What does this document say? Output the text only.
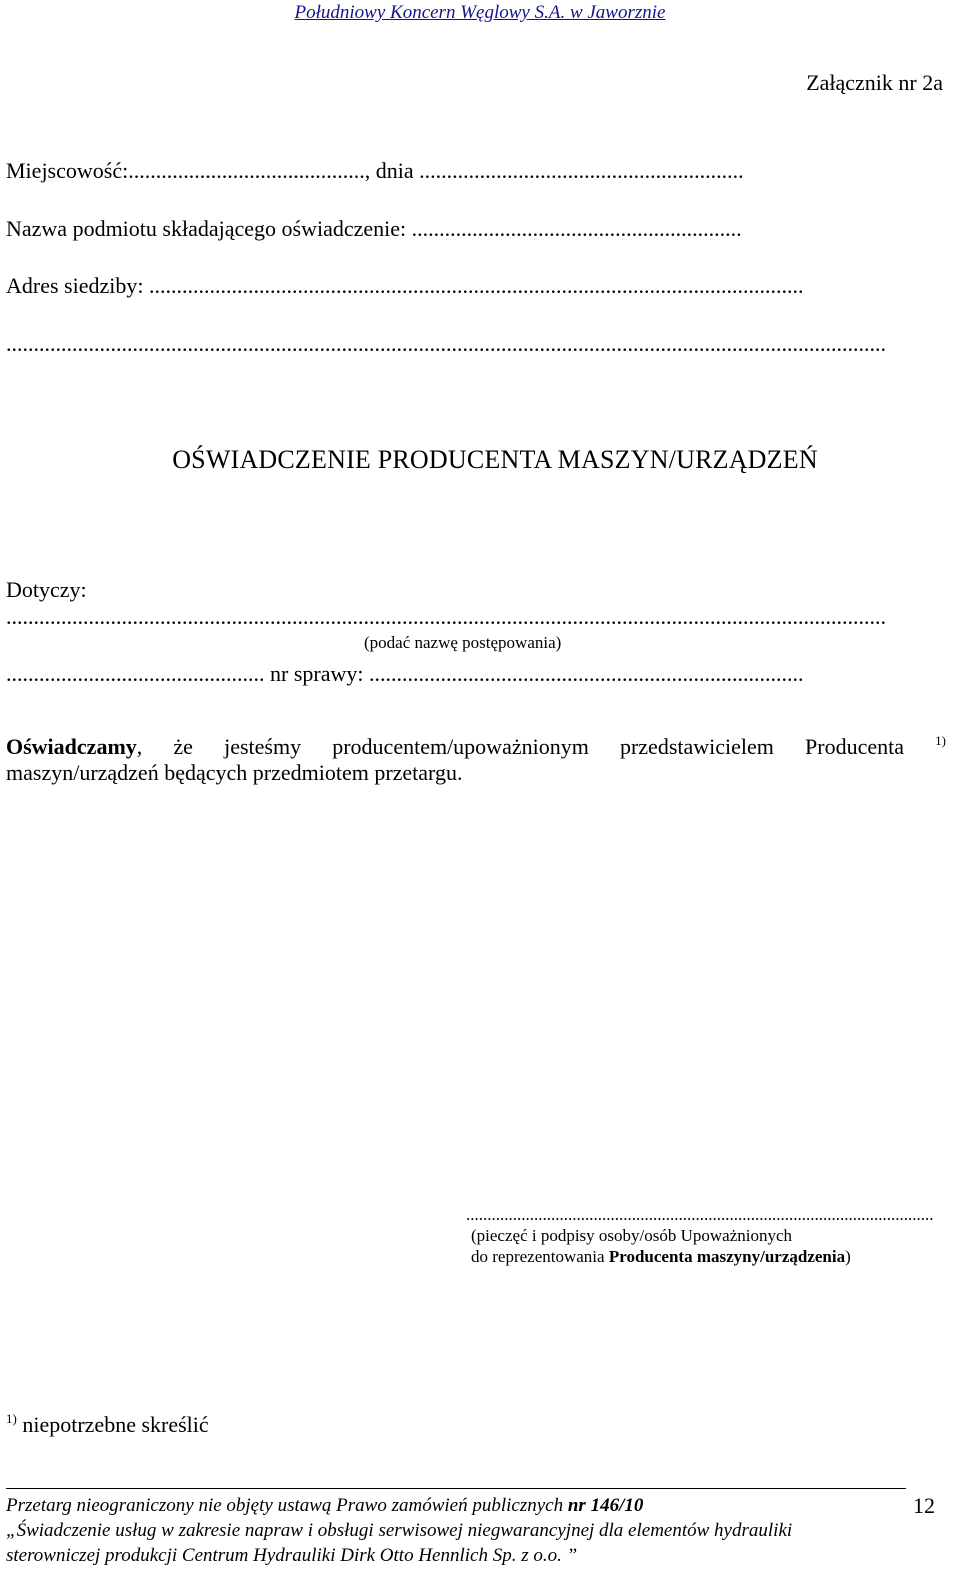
Południowy Koncern Węglowy S.A. w Jaworznie
Załącznik nr 2a
Miejscowość:..........................................., dnia ...........................................................
Nazwa podmiotu składającego oświadczenie: ............................................................
Adres siedziby: .......................................................................................................................
................................................................................................................................................................
OŚWIADCZENIE PRODUCENTA MASZYN/URZĄDZEŃ
Dotyczy:
................................................................................................................................................................
(podać nazwę postępowania)
............................................... nr sprawy: ...............................................................................
Oświadczamy, że jesteśmy producentem/upoważnionym przedstawicielem Producenta $^{1)}$
maszyn/urządzeń będących przedmiotem przetargu.
..............................................................................................................
(pieczęć i podpisy osoby/osób Upoważnionych
do reprezentowania Producenta maszyny/urządzenia)
$^{1)}$ niepotrzebne skreślić
Przetarg nieograniczony nie objęty ustawą Prawo zamówień publicznych nr 146/10
„Świadczenie usług w zakresie napraw i obsługi serwisowej niegwarancyjnej dla elementów hydrauliki
sterowniczej produkcji Centrum Hydrauliki Dirk Otto Hennlich Sp. z o.o. ”
12
